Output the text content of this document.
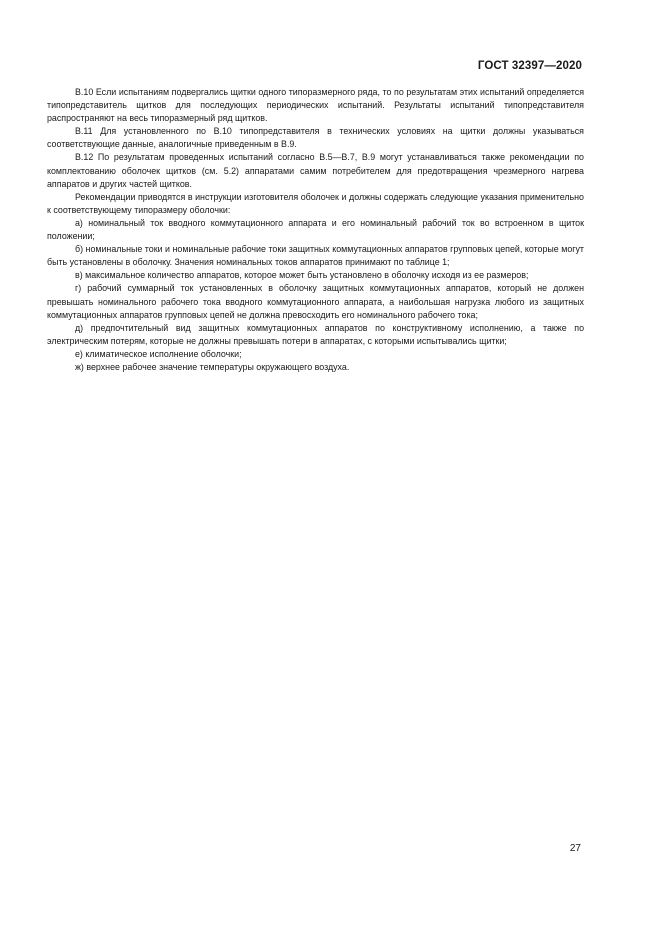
ГОСТ 32397—2020

В.10 Если испытаниям подвергались щитки одного типоразмерного ряда, то по результатам этих испытаний определяется типопредставитель щитков для последующих периодических испытаний. Результаты испытаний типопредставителя распространяют на весь типоразмерный ряд щитков.

В.11 Для установленного по В.10 типопредставителя в технических условиях на щитки должны указываться соответствующие данные, аналогичные приведенным в В.9.

В.12 По результатам проведенных испытаний согласно В.5—В.7, В.9 могут устанавливаться также рекомендации по комплектованию оболочек щитков (см. 5.2) аппаратами самим потребителем для предотвращения чрезмерного нагрева аппаратов и других частей щитков.

Рекомендации приводятся в инструкции изготовителя оболочек и должны содержать следующие указания применительно к соответствующему типоразмеру оболочки:

а) номинальный ток вводного коммутационного аппарата и его номинальный рабочий ток во встроенном в щиток положении;

б) номинальные токи и номинальные рабочие токи защитных коммутационных аппаратов групповых цепей, которые могут быть установлены в оболочку. Значения номинальных токов аппаратов принимают по таблице 1;

в) максимальное количество аппаратов, которое может быть установлено в оболочку исходя из ее размеров;

г) рабочий суммарный ток установленных в оболочку защитных коммутационных аппаратов, который не должен превышать номинального рабочего тока вводного коммутационного аппарата, а наибольшая нагрузка любого из защитных коммутационных аппаратов групповых цепей не должна превосходить его номинального рабочего тока;

д) предпочтительный вид защитных коммутационных аппаратов по конструктивному исполнению, а также по электрическим потерям, которые не должны превышать потери в аппаратах, с которыми испытывались щитки;

е) климатическое исполнение оболочки;

ж) верхнее рабочее значение температуры окружающего воздуха.

27
